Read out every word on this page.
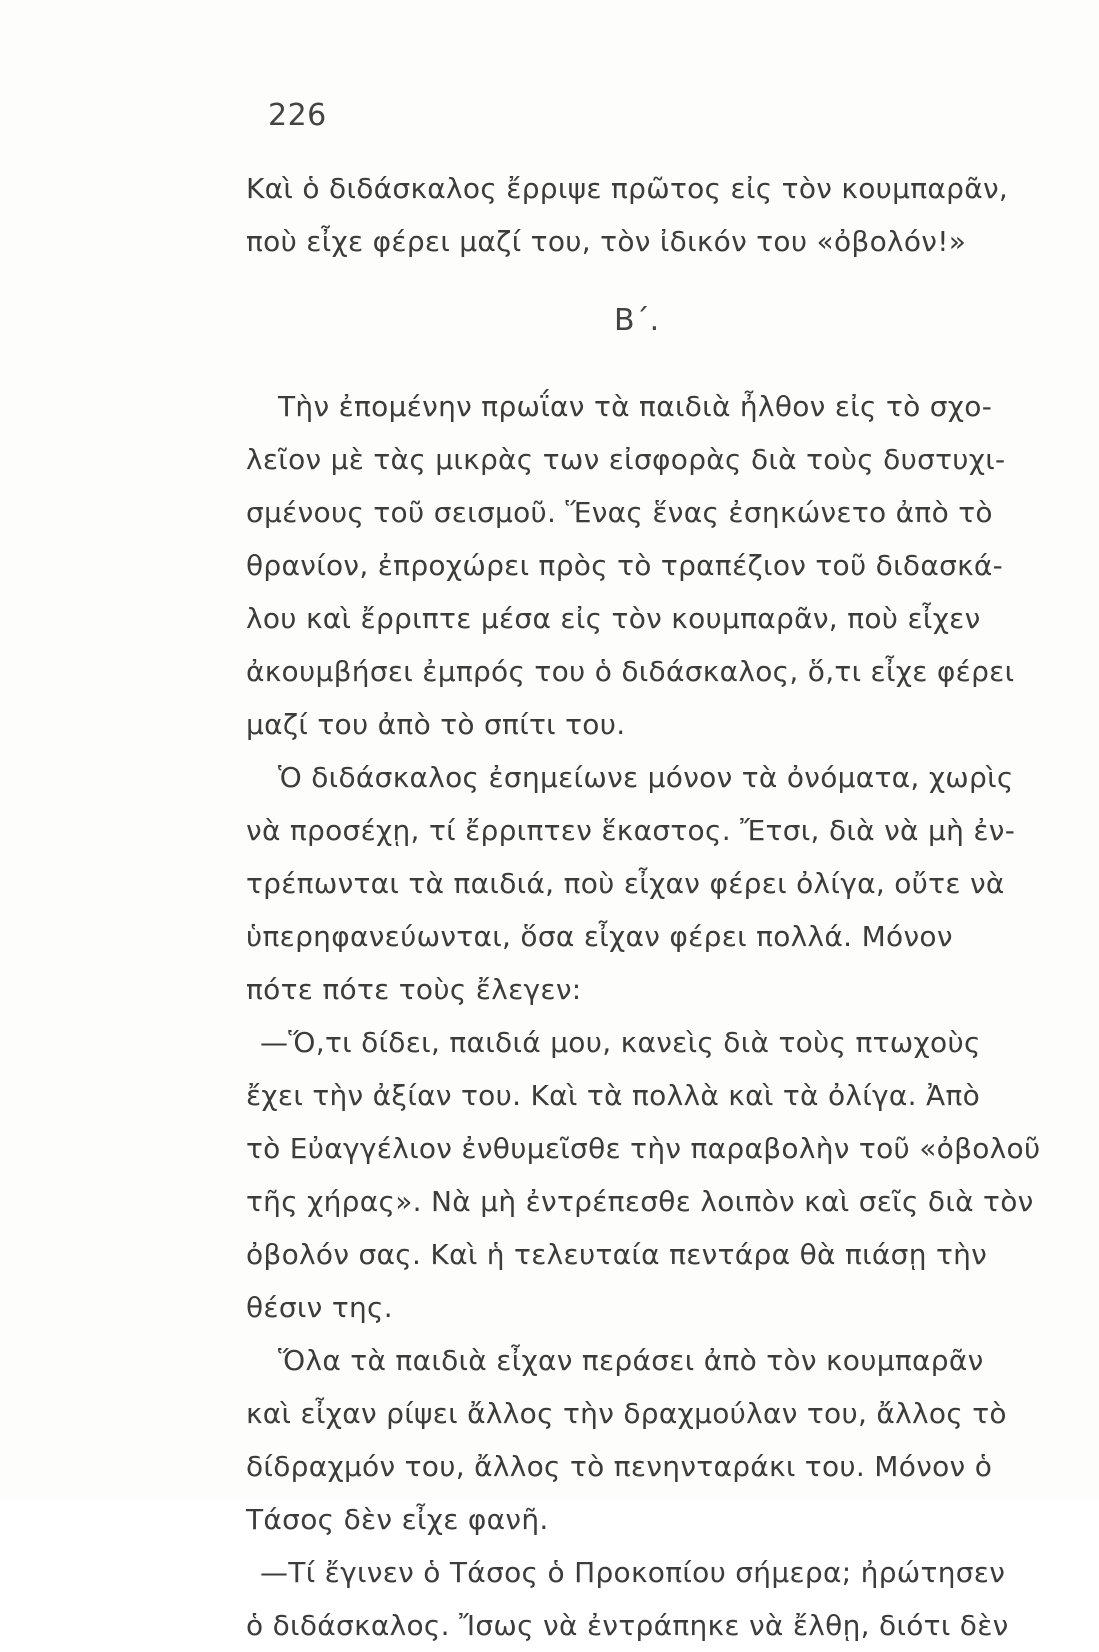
226
Καὶ ὁ διδάσκαλος ἔρριψε πρῶτος εἰς τὸν κουμπαρᾶν,
ποὺ εἶχε φέρει μαζί του, τὸν ἰδικόν του «ὀβολόν!»
Β΄.
Τὴν ἐπομένην πρωΐαν τὰ παιδιὰ ἦλθον εἰς τὸ σχο-
λεῖον μὲ τὰς μικρὰς των εἰσφορὰς διὰ τοὺς δυστυχι-
σμένους τοῦ σεισμοῦ. Ἕνας ἕνας ἐσηκώνετο ἀπὸ τὸ
θρανίον, ἐπροχώρει πρὸς τὸ τραπέζιον τοῦ διδασκά-
λου καὶ ἔρριπτε μέσα εἰς τὸν κουμπαρᾶν, ποὺ εἶχεν
ἀκουμβήσει ἐμπρός του ὁ διδάσκαλος, ὅ,τι εἶχε φέρει
μαζί του ἀπὸ τὸ σπίτι του.
Ὁ διδάσκαλος ἐσημείωνε μόνον τὰ ὀνόματα, χωρὶς
νὰ προσέχῃ, τί ἔρριπτεν ἕκαστος. Ἔτσι, διὰ νὰ μὴ ἐν-
τρέπωνται τὰ παιδιά, ποὺ εἶχαν φέρει ὀλίγα, οὔτε νὰ
ὑπερηφανεύωνται, ὅσα εἶχαν φέρει πολλά. Μόνον
πότε πότε τοὺς ἔλεγεν:
—Ὅ,τι δίδει, παιδιά μου, κανεὶς διὰ τοὺς πτωχοὺς
ἔχει τὴν ἀξίαν του. Καὶ τὰ πολλὰ καὶ τὰ ὀλίγα. Ἀπὸ
τὸ Εὐαγγέλιον ἐνθυμεῖσθε τὴν παραβολὴν τοῦ «ὀβολοῦ
τῆς χήρας». Νὰ μὴ ἐντρέπεσθε λοιπὸν καὶ σεῖς διὰ τὸν
ὀβολόν σας. Καὶ ἡ τελευταία πεντάρα θὰ πιάσῃ τὴν
θέσιν της.
Ὅλα τὰ παιδιὰ εἶχαν περάσει ἀπὸ τὸν κουμπαρᾶν
καὶ εἶχαν ρίψει ἄλλος τὴν δραχμούλαν του, ἄλλος τὸ
δίδραχμόν του, ἄλλος τὸ πενηνταράκι του. Μόνον ὁ
Τάσος δὲν εἶχε φανῆ.
—Τί ἔγινεν ὁ Τάσος ὁ Προκοπίου σήμερα; ἠρώτησεν
ὁ διδάσκαλος. Ἴσως νὰ ἐντράπηκε νὰ ἔλθῃ, διότι δὲν
